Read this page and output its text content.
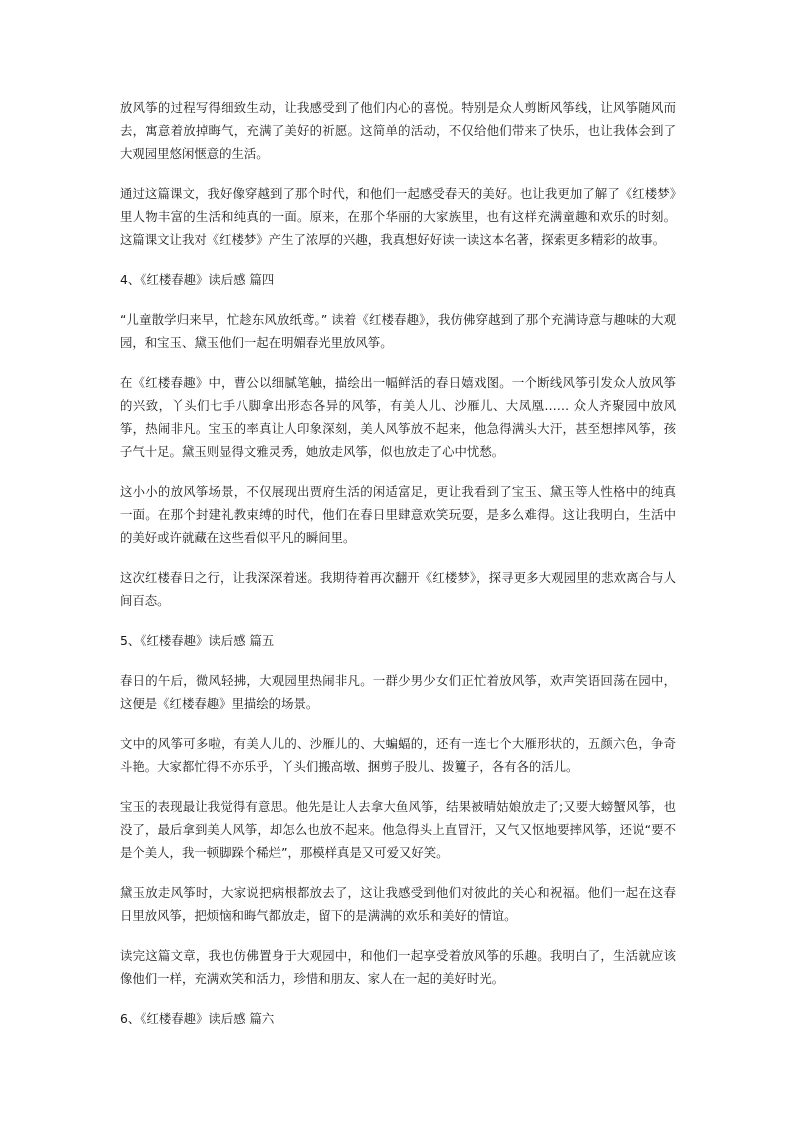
放风筝的过程写得细致生动，让我感受到了他们内心的喜悦。特别是众人剪断风筝线，让风筝随风而去，寓意着放掉晦气，充满了美好的祈愿。这简单的活动，不仅给他们带来了快乐，也让我体会到了大观园里悠闲惬意的生活。

通过这篇课文，我好像穿越到了那个时代，和他们一起感受春天的美好。也让我更加了解了《红楼梦》里人物丰富的生活和纯真的一面。原来，在那个华丽的大家族里，也有这样充满童趣和欢乐的时刻。这篇课文让我对《红楼梦》产生了浓厚的兴趣，我真想好好读一读这本名著，探索更多精彩的故事。

4、《红楼春趣》读后感 篇四

“儿童散学归来早，忙趁东风放纸鸢。” 读着《红楼春趣》，我仿佛穿越到了那个充满诗意与趣味的大观园，和宝玉、黛玉他们一起在明媚春光里放风筝。

在《红楼春趣》中，曹公以细腻笔触，描绘出一幅鲜活的春日嬉戏图。一个断线风筝引发众人放风筝的兴致，丫头们七手八脚拿出形态各异的风筝，有美人儿、沙雁儿、大凤凰…… 众人齐聚园中放风筝，热闹非凡。宝玉的率真让人印象深刻，美人风筝放不起来，他急得满头大汗，甚至想摔风筝，孩子气十足。黛玉则显得文雅灵秀，她放走风筝，似也放走了心中忧愁。

这小小的放风筝场景，不仅展现出贾府生活的闲适富足，更让我看到了宝玉、黛玉等人性格中的纯真一面。在那个封建礼教束缚的时代，他们在春日里肆意欢笑玩耍，是多么难得。这让我明白，生活中的美好或许就藏在这些看似平凡的瞬间里。

这次红楼春日之行，让我深深着迷。我期待着再次翻开《红楼梦》，探寻更多大观园里的悲欢离合与人间百态。

5、《红楼春趣》读后感 篇五

春日的午后，微风轻拂，大观园里热闹非凡。一群少男少女们正忙着放风筝，欢声笑语回荡在园中，这便是《红楼春趣》里描绘的场景。

文中的风筝可多啦，有美人儿的、沙雁儿的、大蝙蝠的，还有一连七个大雁形状的，五颜六色，争奇斗艳。大家都忙得不亦乐乎，丫头们搬高墩、捆剪子股儿、拨籰子，各有各的活儿。

宝玉的表现最让我觉得有意思。他先是让人去拿大鱼风筝，结果被晴姑娘放走了;又要大螃蟹风筝，也没了，最后拿到美人风筝，却怎么也放不起来。他急得头上直冒汗，又气又怄地要摔风筝，还说“要不是个美人，我一顿脚跺个稀烂”，那模样真是又可爱又好笑。

黛玉放走风筝时，大家说把病根都放去了，这让我感受到他们对彼此的关心和祝福。他们一起在这春日里放风筝，把烦恼和晦气都放走，留下的是满满的欢乐和美好的情谊。

读完这篇文章，我也仿佛置身于大观园中，和他们一起享受着放风筝的乐趣。我明白了，生活就应该像他们一样，充满欢笑和活力，珍惜和朋友、家人在一起的美好时光。

6、《红楼春趣》读后感 篇六
